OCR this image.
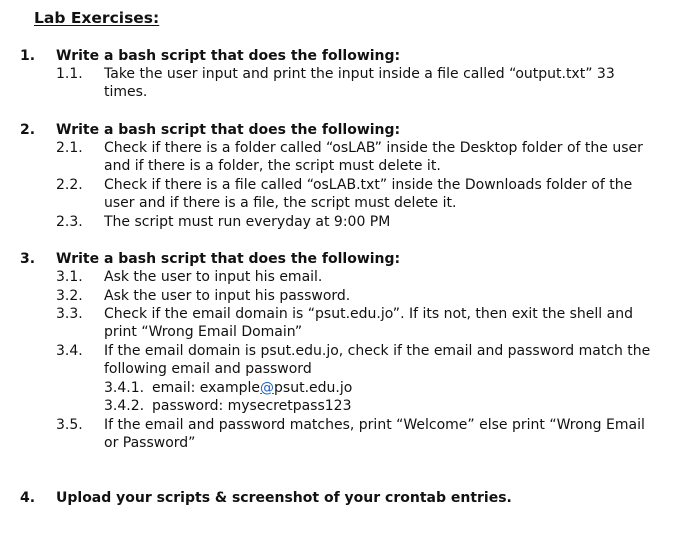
Lab Exercises:
1. Write a bash script that does the following:
1.1. Take the user input and print the input inside a file called “output.txt” 33
times.
2. Write a bash script that does the following:
2.1. Check if there is a folder called “osLAB” inside the Desktop folder of the user
and if there is a folder, the script must delete it.
2.2. Check if there is a file called “osLAB.txt” inside the Downloads folder of the
user and if there is a file, the script must delete it.
2.3. The script must run everyday at 9:00 PM
3. Write a bash script that does the following:
3.1. Ask the user to input his email.
3.2. Ask the user to input his password.
3.3. Check if the email domain is “psut.edu.jo”. If its not, then exit the shell and
print “Wrong Email Domain”
3.4. If the email domain is psut.edu.jo, check if the email and password match the
following email and password
3.4.1. email: example@psut.edu.jo
3.4.2. password: mysecretpass123
3.5. If the email and password matches, print “Welcome” else print “Wrong Email
or Password”
4. Upload your scripts & screenshot of your crontab entries.
